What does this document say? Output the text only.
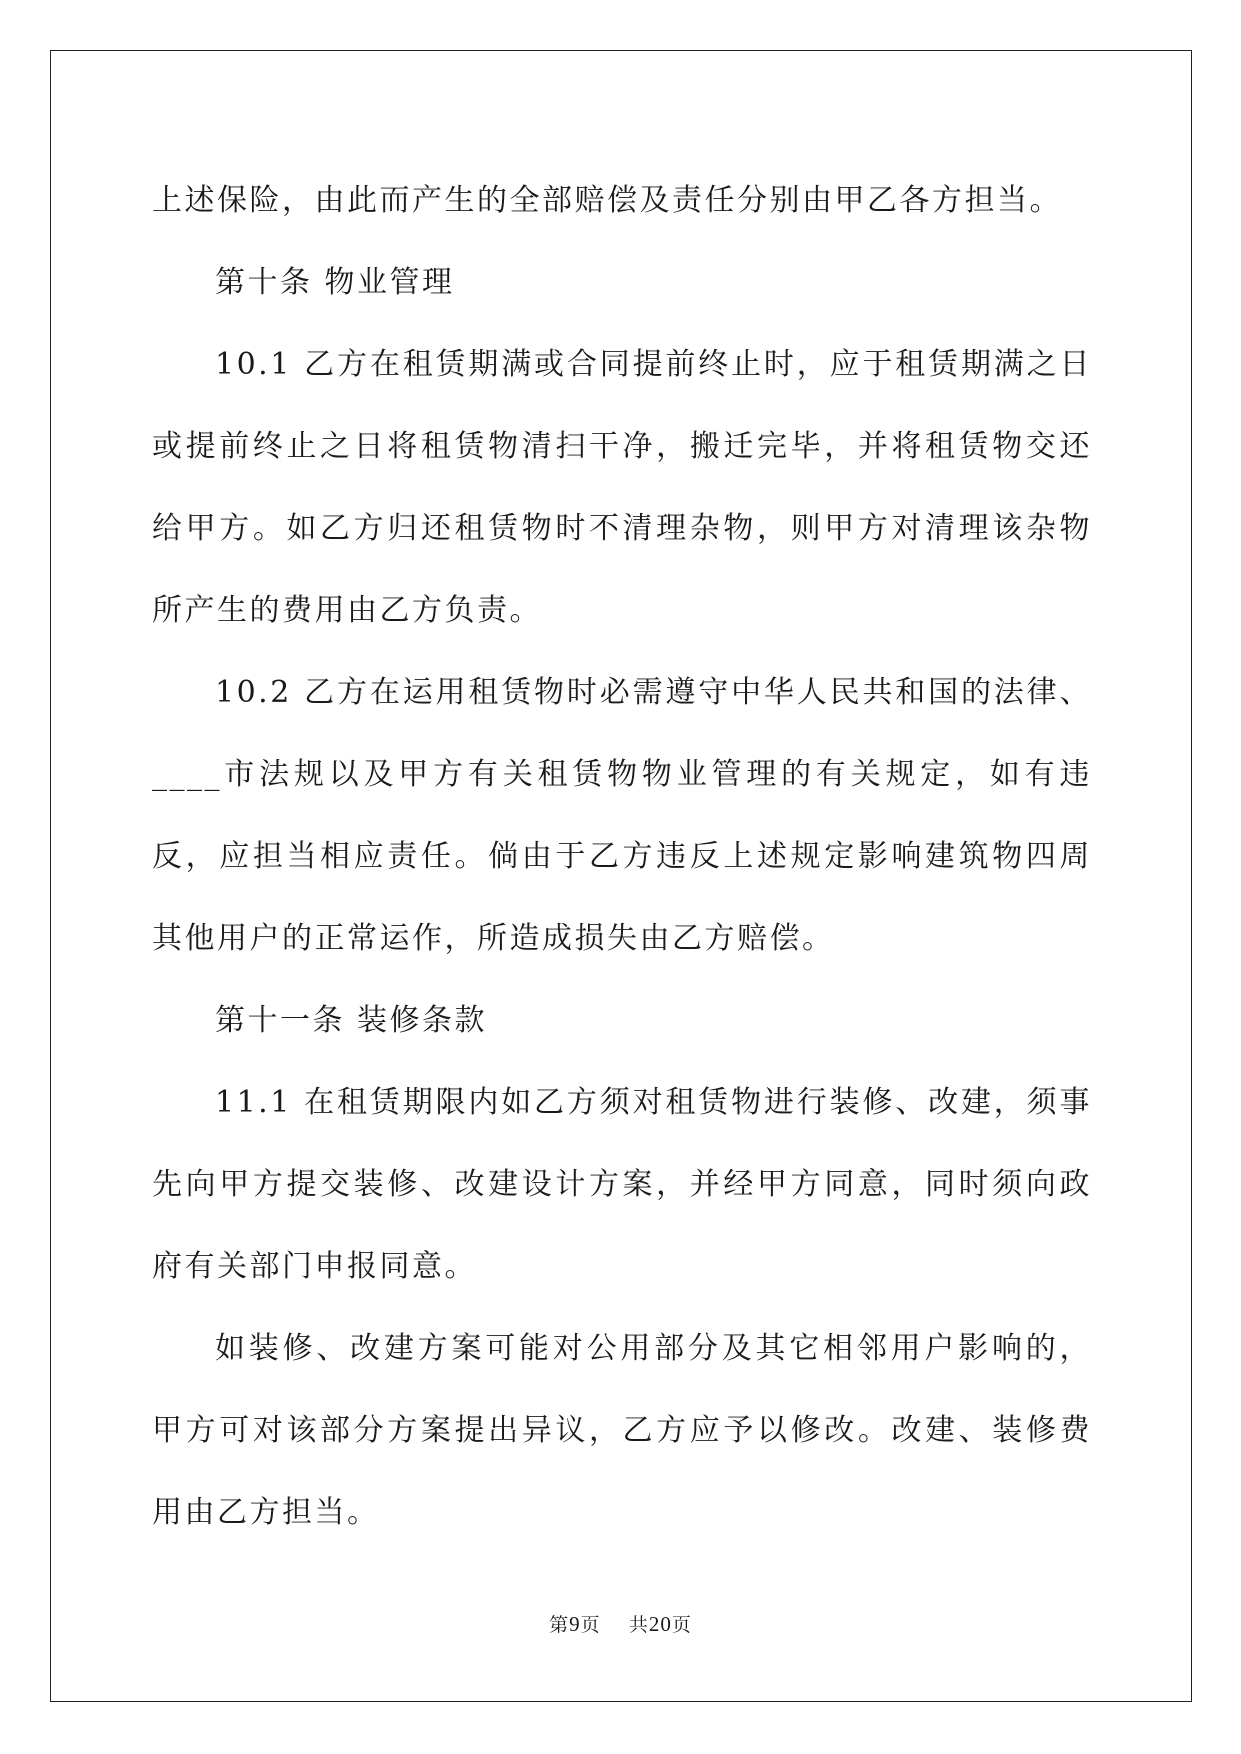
上述保险，由此而产生的全部赔偿及责任分别由甲乙各方担当。

第十条 物业管理

10.1 乙方在租赁期满或合同提前终止时，应于租赁期满之日或提前终止之日将租赁物清扫干净，搬迁完毕，并将租赁物交还给甲方。如乙方归还租赁物时不清理杂物，则甲方对清理该杂物所产生的费用由乙方负责。

10.2 乙方在运用租赁物时必需遵守中华人民共和国的法律、____市法规以及甲方有关租赁物物业管理的有关规定，如有违反，应担当相应责任。倘由于乙方违反上述规定影响建筑物四周其他用户的正常运作，所造成损失由乙方赔偿。

第十一条 装修条款

11.1 在租赁期限内如乙方须对租赁物进行装修、改建，须事先向甲方提交装修、改建设计方案，并经甲方同意，同时须向政府有关部门申报同意。

如装修、改建方案可能对公用部分及其它相邻用户影响的，甲方可对该部分方案提出异议，乙方应予以修改。改建、装修费用由乙方担当。

第9页 共20页
